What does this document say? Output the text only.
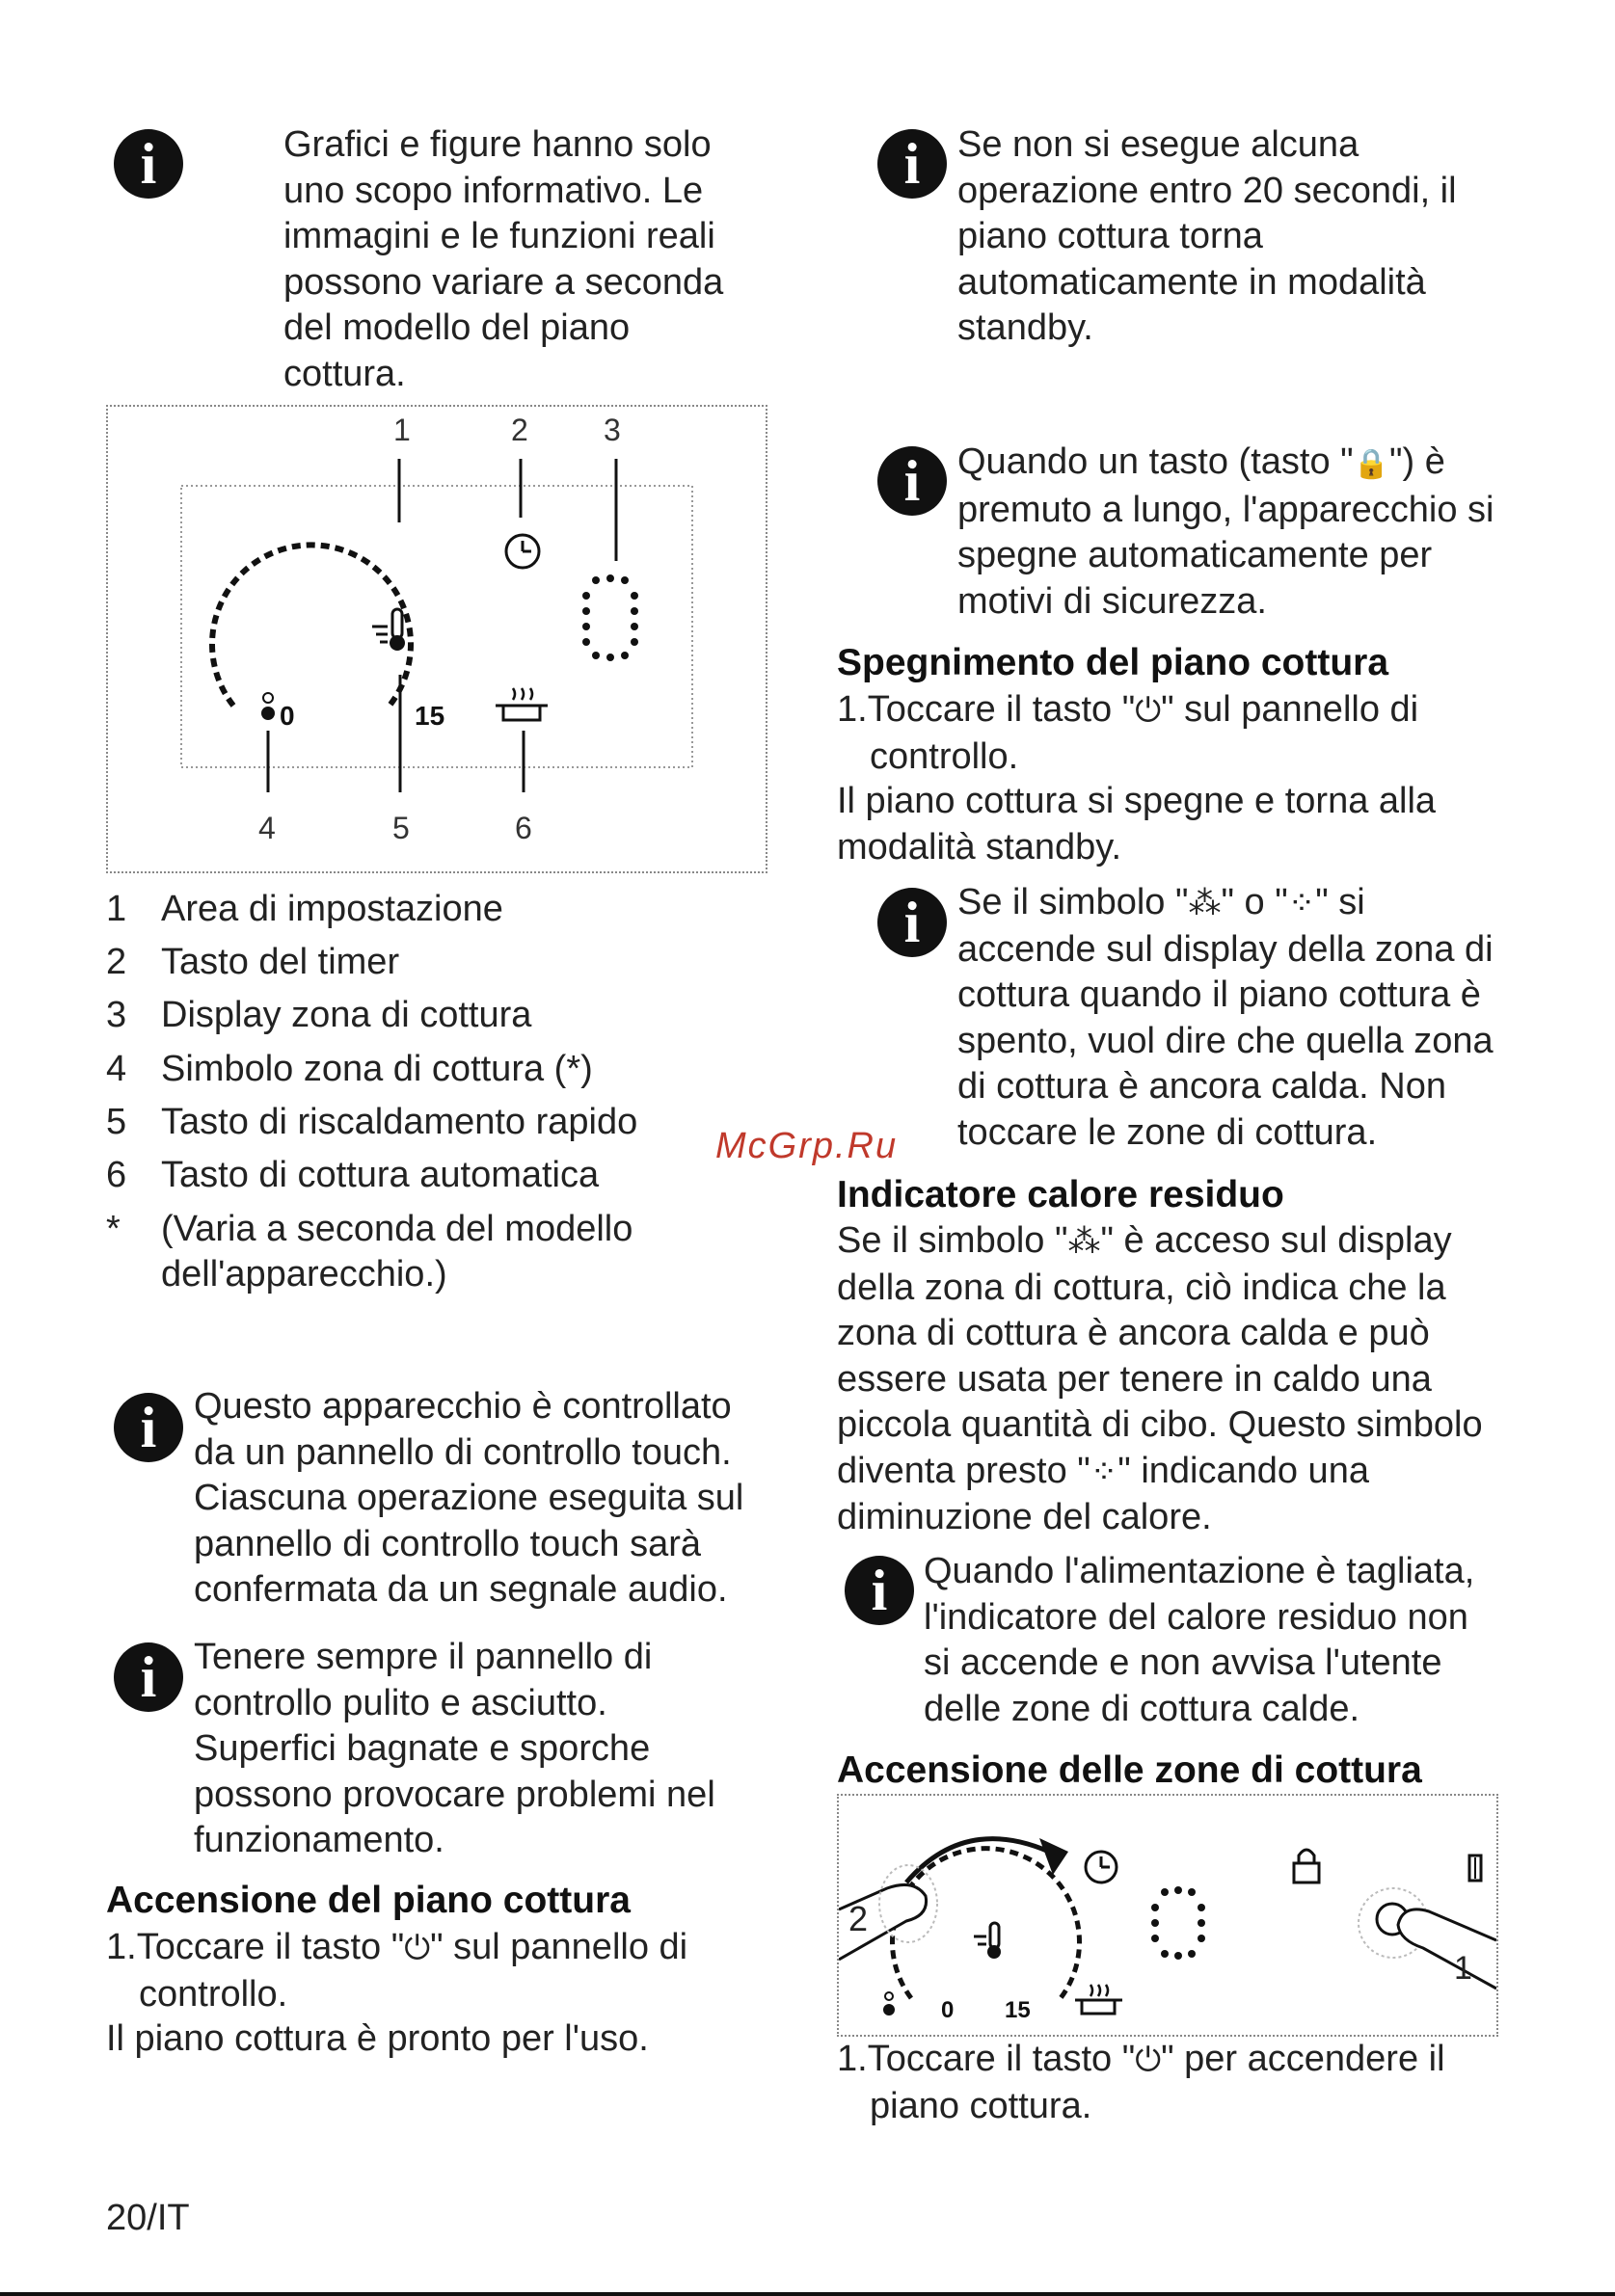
i	Grafici e figure hanno solo
uno scopo informativo. Le
immagini e le funzioni reali
possono variare a seconda
del modello del piano
cottura.
1	2 3
0	15
4	5	6
1 Area di impostazione
2 Tasto del timer
3 Display zona di cottura
4 Simbolo zona di cottura (*)
5 Tasto di riscaldamento rapido
6 Tasto di cottura automatica
* (Varia a seconda del modello
dell'apparecchio.)
i	Questo apparecchio è controllato
da un pannello di controllo touch.
Ciascuna operazione eseguita sul
pannello di controllo touch sarà
confermata da un segnale audio.
i	Tenere sempre il pannello di
controllo pulito e asciutto.
Superfici bagnate e sporche
possono provocare problemi nel
funzionamento.
Accensione del piano cottura
1.Toccare il tasto "⏻" sul pannello di
controllo.
Il piano cottura è pronto per l'uso.
20/IT
i	Se non si esegue alcuna
operazione entro 20 secondi, il
piano cottura torna
automaticamente in modalità
standby.
i	Quando un tasto (tasto "🔒") è
premuto a lungo, l'apparecchio si
spegne automaticamente per
motivi di sicurezza.
Spegnimento del piano cottura
1.Toccare il tasto "⏻" sul pannello di
controllo.
Il piano cottura si spegne e torna alla
modalità standby.
i	Se il simbolo "⁂" o "⁘" si
accende sul display della zona di
cottura quando il piano cottura è
spento, vuol dire che quella zona
di cottura è ancora calda. Non
toccare le zone di cottura.
McGrp.Ru
Indicatore calore residuo
Se il simbolo "⁂" è acceso sul display
della zona di cottura, ciò indica che la
zona di cottura è ancora calda e può
essere usata per tenere in caldo una
piccola quantità di cibo. Questo simbolo
diventa presto "⁘" indicando una
diminuzione del calore.
i Quando l'alimentazione è tagliata,
l'indicatore del calore residuo non
si accende e non avvisa l'utente
delle zone di cottura calde.
Accensione delle zone di cottura
2
1
0 15
1.Toccare il tasto "⏻" per accendere il
piano cottura.
